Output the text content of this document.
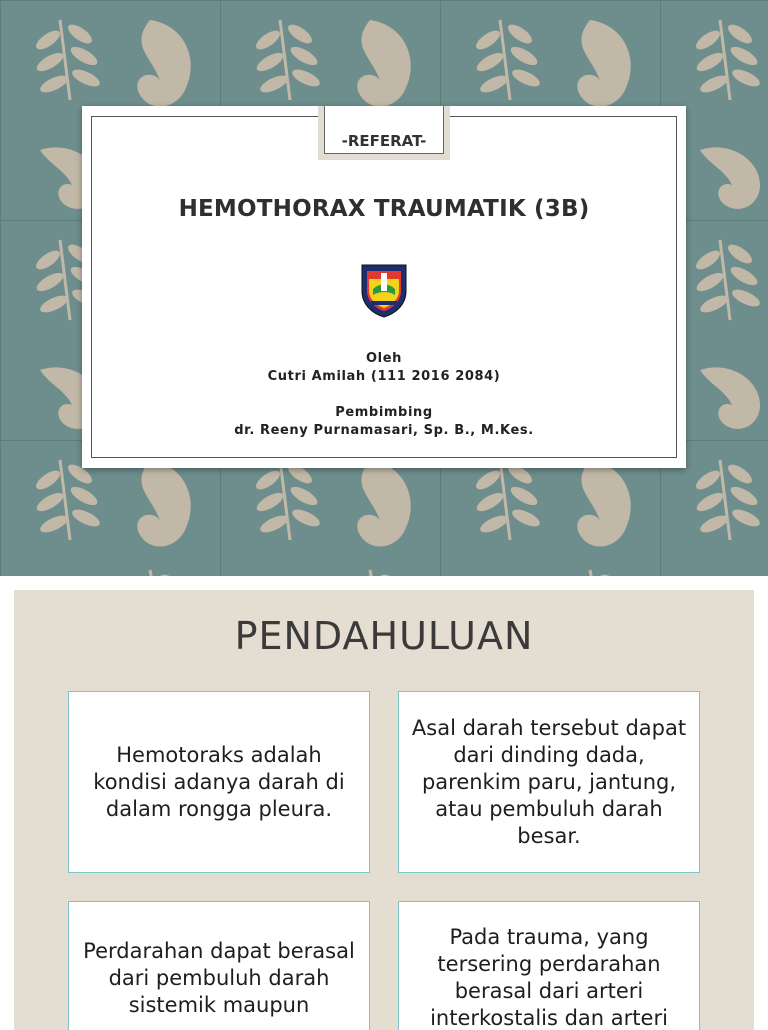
-REFERAT-
HEMOTHORAX TRAUMATIK (3B)
Oleh
Cutri Amilah (111 2016 2084)
Pembimbing
dr. Reeny Purnamasari, Sp. B., M.Kes.
PENDAHULUAN
Hemotoraks adalah kondisi adanya darah di dalam rongga pleura.
Asal darah tersebut dapat dari dinding dada, parenkim paru, jantung, atau pembuluh darah besar.
Perdarahan dapat berasal dari pembuluh darah sistemik maupun
Pada trauma, yang tersering perdarahan berasal dari arteri interkostalis dan arteri
